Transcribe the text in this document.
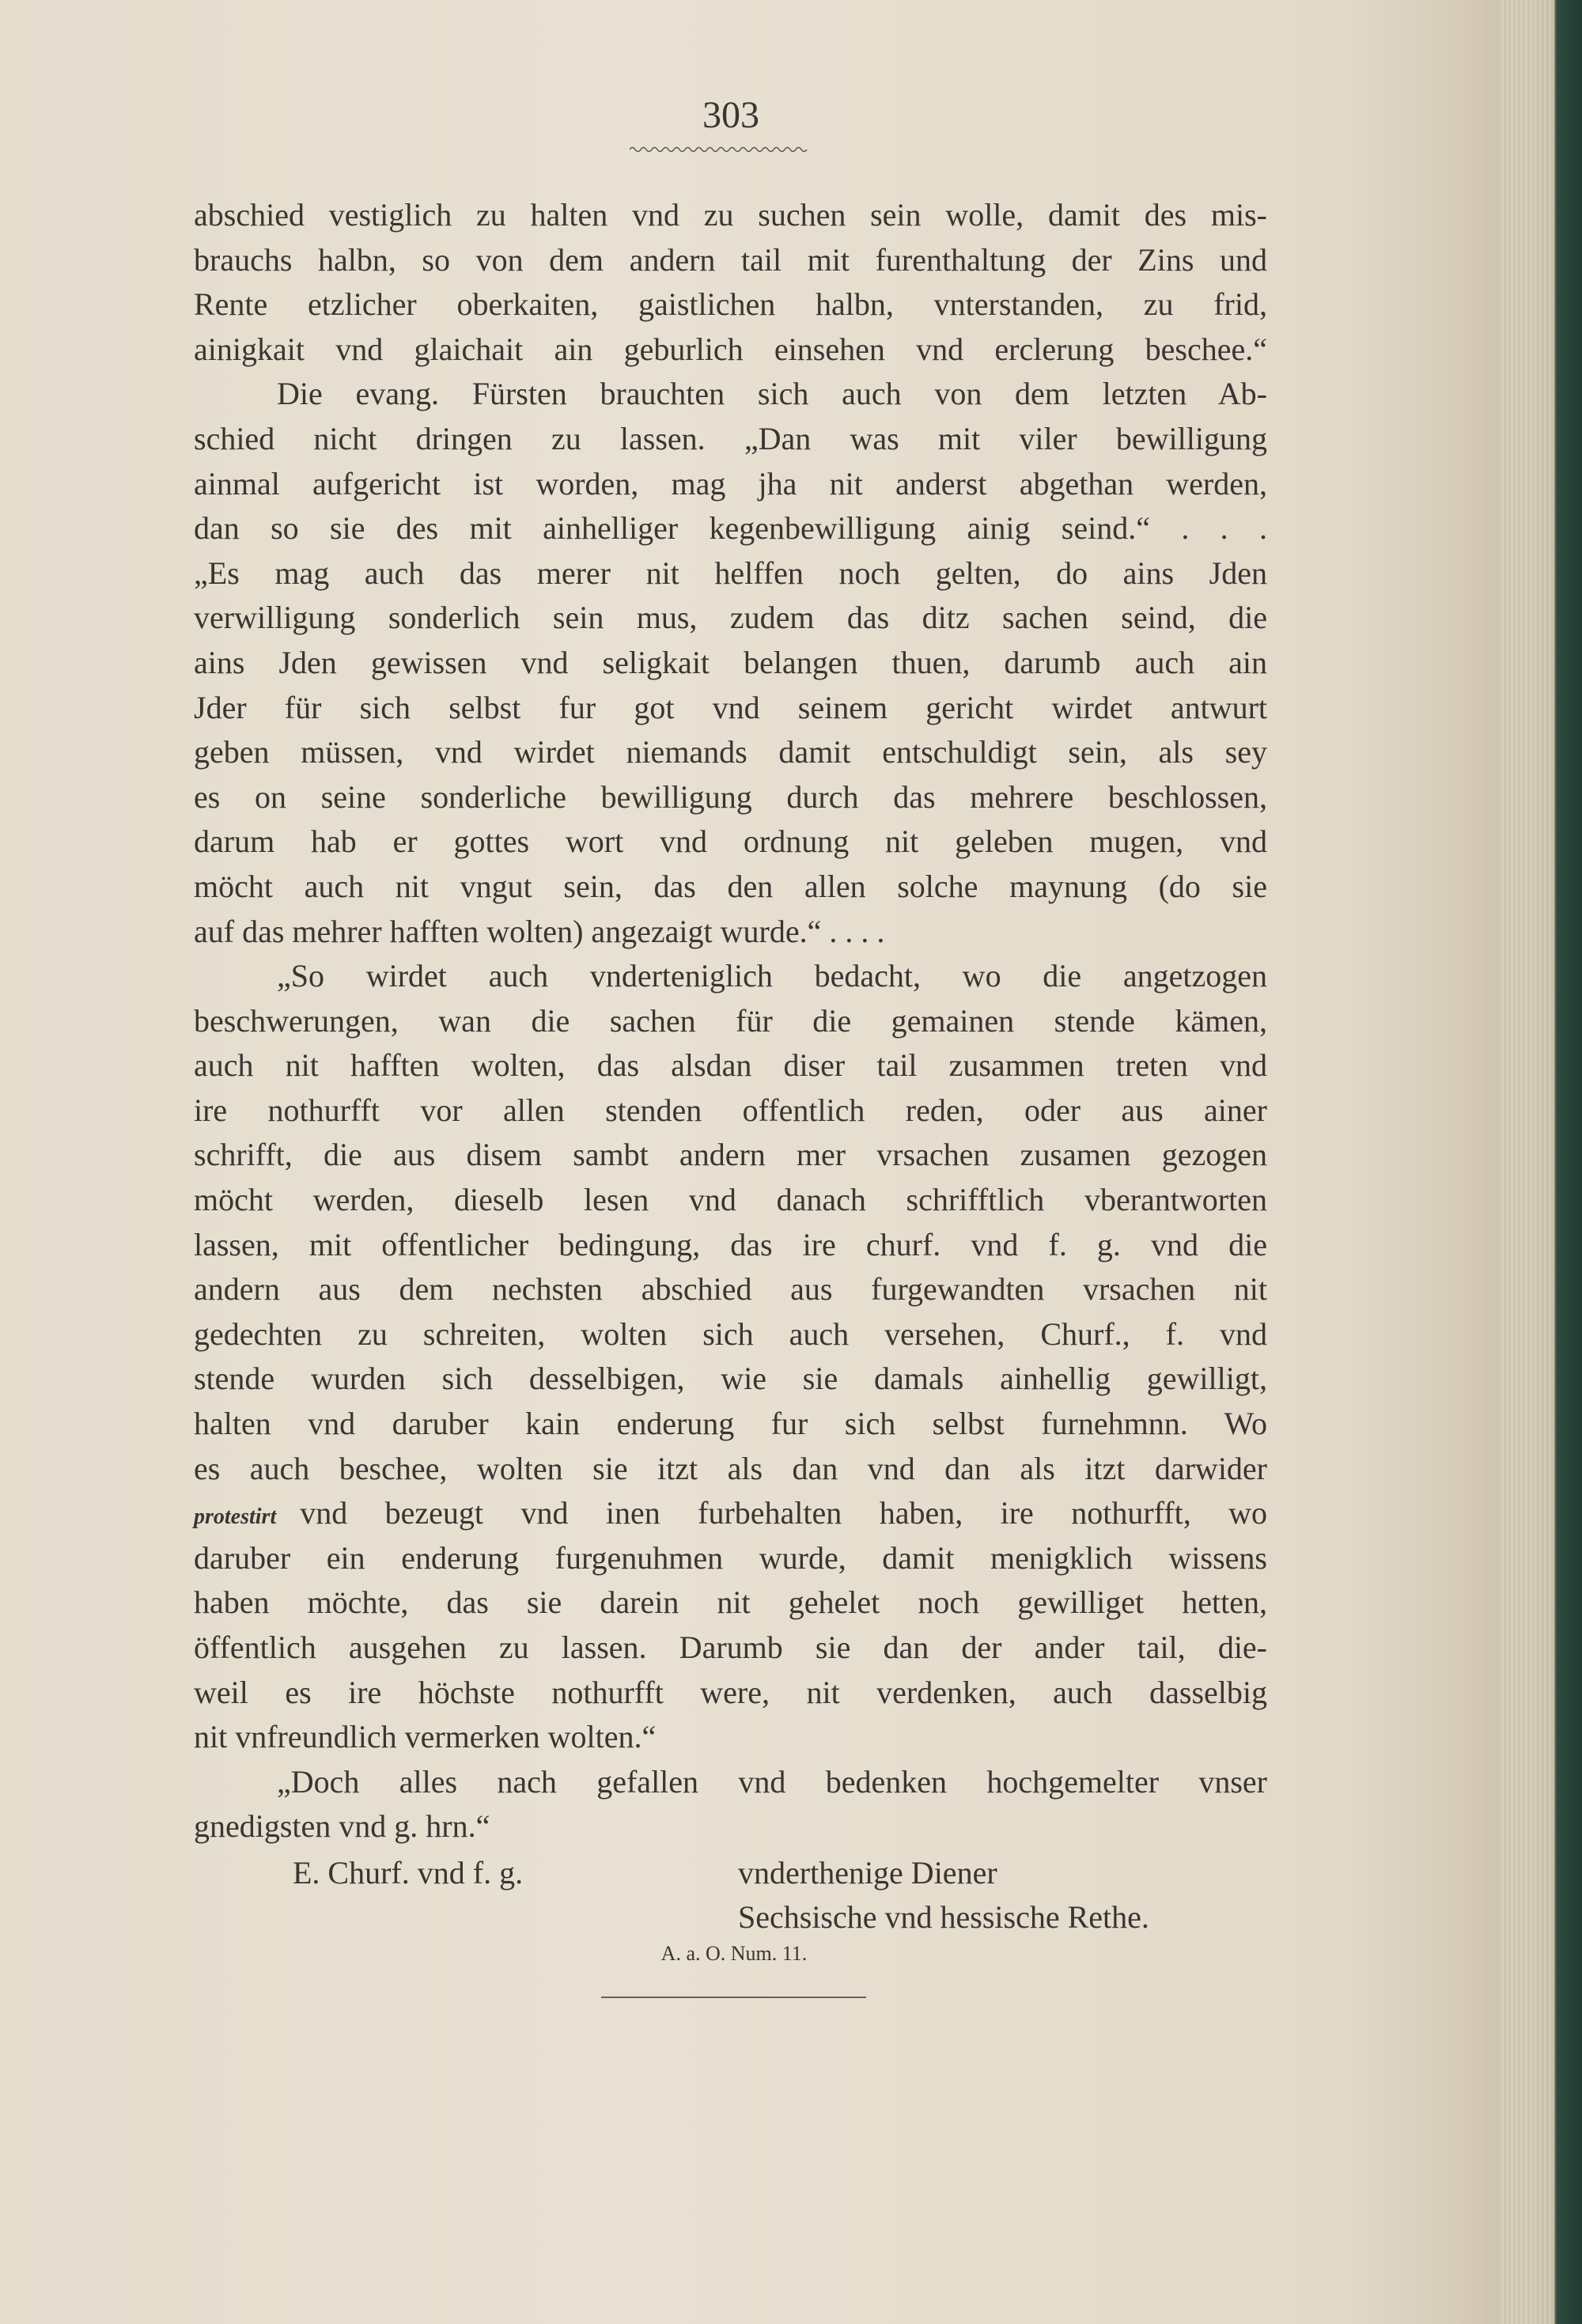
303
abschied vestiglich zu halten vnd zu suchen sein wolle, damit des mis-
brauchs halbn, so von dem andern tail mit furenthaltung der Zins und
Rente etzlicher oberkaiten, gaistlichen halbn, vnterstanden, zu frid,
ainigkait vnd glaichait ain geburlich einsehen vnd erclerung beschee.“
Die evang. Fürsten brauchten sich auch von dem letzten Ab-
schied nicht dringen zu lassen. „Dan was mit viler bewilligung
ainmal aufgericht ist worden, mag jha nit anderst abgethan werden,
dan so sie des mit ainhelliger kegenbewilligung ainig seind.“ . . .
„Es mag auch das merer nit helffen noch gelten, do ains Jden
verwilligung sonderlich sein mus, zudem das ditz sachen seind, die
ains Jden gewissen vnd seligkait belangen thuen, darumb auch ain
Jder für sich selbst fur got vnd seinem gericht wirdet antwurt
geben müssen, vnd wirdet niemands damit entschuldigt sein, als sey
es on seine sonderliche bewilligung durch das mehrere beschlossen,
darum hab er gottes wort vnd ordnung nit geleben mugen, vnd
möcht auch nit vngut sein, das den allen solche maynung (do sie
auf das mehrer hafften wolten) angezaigt wurde.“ . . . .
„So wirdet auch vnderteniglich bedacht, wo die angetzogen
beschwerungen, wan die sachen für die gemainen stende kämen,
auch nit hafften wolten, das alsdan diser tail zusammen treten vnd
ire nothurfft vor allen stenden offentlich reden, oder aus ainer
schrifft, die aus disem sambt andern mer vrsachen zusamen gezogen
möcht werden, dieselb lesen vnd danach schrifftlich vberantworten
lassen, mit offentlicher bedingung, das ire churf. vnd f. g. vnd die
andern aus dem nechsten abschied aus furgewandten vrsachen nit
gedechten zu schreiten, wolten sich auch versehen, Churf., f. vnd
stende wurden sich desselbigen, wie sie damals ainhellig gewilligt,
halten vnd daruber kain enderung fur sich selbst furnehmnn. Wo
es auch beschee, wolten sie itzt als dan vnd dan als itzt darwider
protestirt vnd bezeugt vnd inen furbehalten haben, ire nothurfft, wo
daruber ein enderung furgenuhmen wurde, damit menigklich wissens
haben möchte, das sie darein nit gehelet noch gewilliget hetten,
öffentlich ausgehen zu lassen. Darumb sie dan der ander tail, die-
weil es ire höchste nothurfft were, nit verdenken, auch dasselbig
nit vnfreundlich vermerken wolten.“
„Doch alles nach gefallen vnd bedenken hochgemelter vnser
gnedigsten vnd g. hrn.“
E. Churf. vnd f. g.	vnderthenige Diener
Sechsische vnd hessische Rethe.
A. a. O. Num. 11.
